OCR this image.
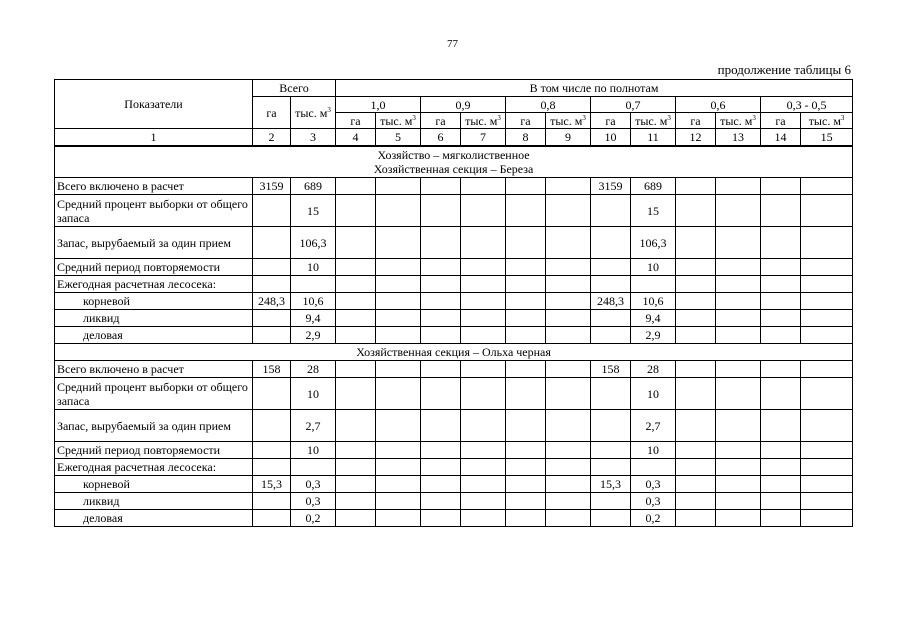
77
продолжение таблицы 6
Показатели	Всего		В том числе по полнотам											
	га	тыс. $м^3$	1,0		0,9		0,8		0,7		0,6		0,3 - 0,5	
			га	тыс. $м^3$	га	тыс. $м^3$	га	тыс. $м^3$	га	тыс. $м^3$	га	тыс. $м^3$	га	тыс. $м^3$
1	2	3	4	5	6	7	8	9	10	11	12	13	14	15

Хозяйство – мягколиственное
Хозяйственная секция – Береза														

Всего включено в расчет	3159	689							3159	689				
Средний процент выборки от общего запаса		15								15				
Запас, вырубаемый за один прием		106,3								106,3				
Средний период повторяемости		10								10				
Ежегодная расчетная лесосека:														
корневой	248,3	10,6							248,3	10,6				
ликвид		9,4								9,4				
деловая		2,9								2,9				
Хозяйственная секция – Ольха черная														
Всего включено в расчет	158	28							158	28				
Средний процент выборки от общего запаса		10								10				
Запас, вырубаемый за один прием		2,7								2,7				
Средний период повторяемости		10								10				
Ежегодная расчетная лесосека:														
корневой	15,3	0,3							15,3	0,3				
ликвид		0,3								0,3				
деловая		0,2								0,2				
